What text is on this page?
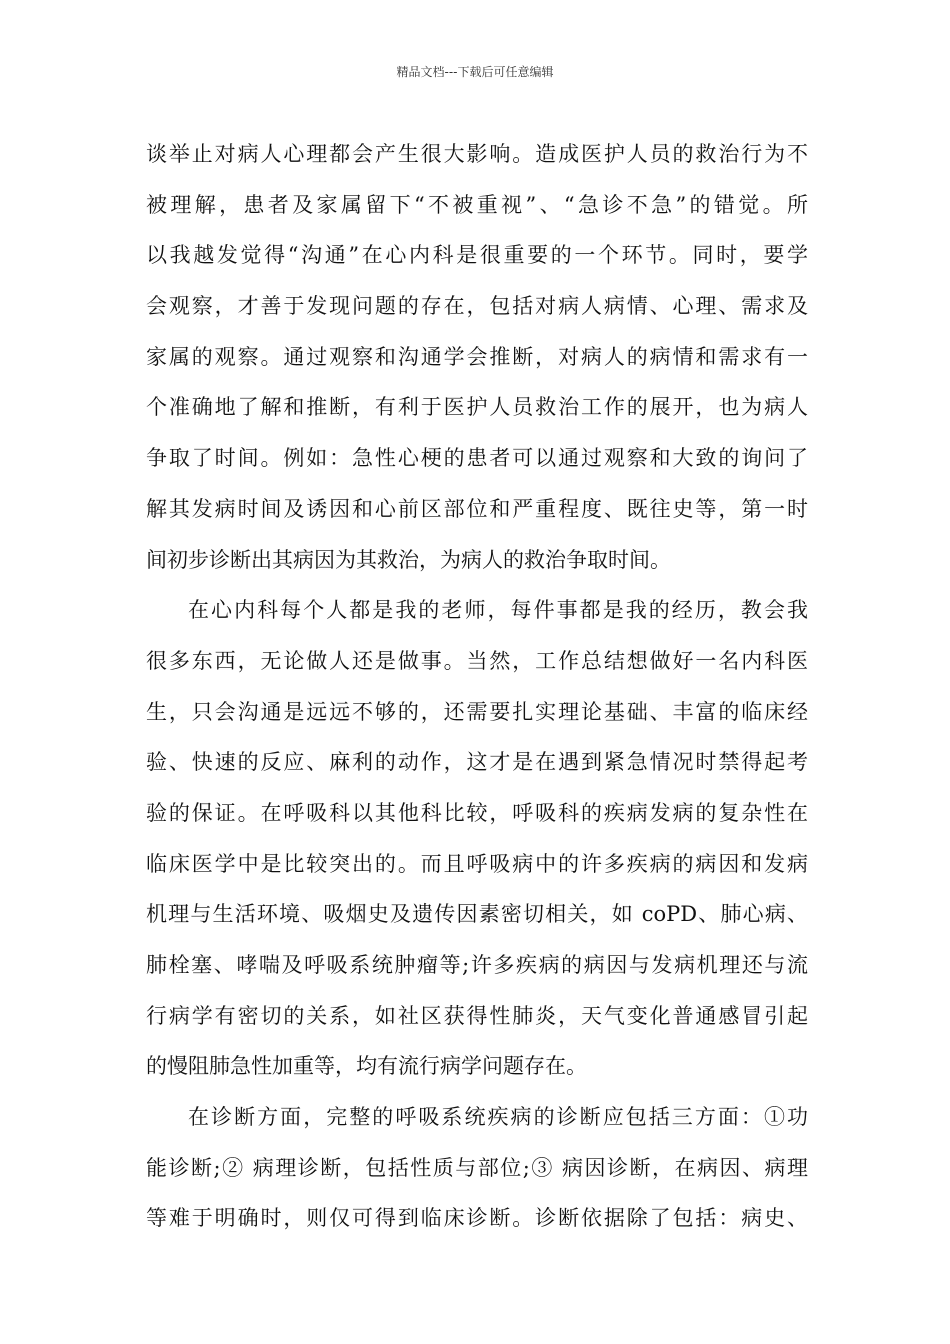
精品文档---下载后可任意编辑
谈举止对病人心理都会产生很大影响。造成医护人员的救治行为不
被理解，患者及家属留下“不被重视”、“急诊不急”的错觉。所
以我越发觉得“沟通”在心内科是很重要的一个环节。同时，要学
会观察，才善于发现问题的存在，包括对病人病情、心理、需求及
家属的观察。通过观察和沟通学会推断，对病人的病情和需求有一
个准确地了解和推断，有利于医护人员救治工作的展开，也为病人
争取了时间。例如：急性心梗的患者可以通过观察和大致的询问了
解其发病时间及诱因和心前区部位和严重程度、既往史等，第一时
间初步诊断出其病因为其救治，为病人的救治争取时间。
在心内科每个人都是我的老师，每件事都是我的经历，教会我
很多东西，无论做人还是做事。当然，工作总结想做好一名内科医
生，只会沟通是远远不够的，还需要扎实理论基础、丰富的临床经
验、快速的反应、麻利的动作，这才是在遇到紧急情况时禁得起考
验的保证。在呼吸科以其他科比较，呼吸科的疾病发病的复杂性在
临床医学中是比较突出的。而且呼吸病中的许多疾病的病因和发病
机理与生活环境、吸烟史及遗传因素密切相关，如 coPD、肺心病、
肺栓塞、哮喘及呼吸系统肿瘤等;许多疾病的病因与发病机理还与流
行病学有密切的关系，如社区获得性肺炎，天气变化普通感冒引起
的慢阻肺急性加重等，均有流行病学问题存在。
在诊断方面，完整的呼吸系统疾病的诊断应包括三方面：①功
能诊断;② 病理诊断，包括性质与部位;③ 病因诊断，在病因、病理
等难于明确时，则仅可得到临床诊断。诊断依据除了包括：病史、
